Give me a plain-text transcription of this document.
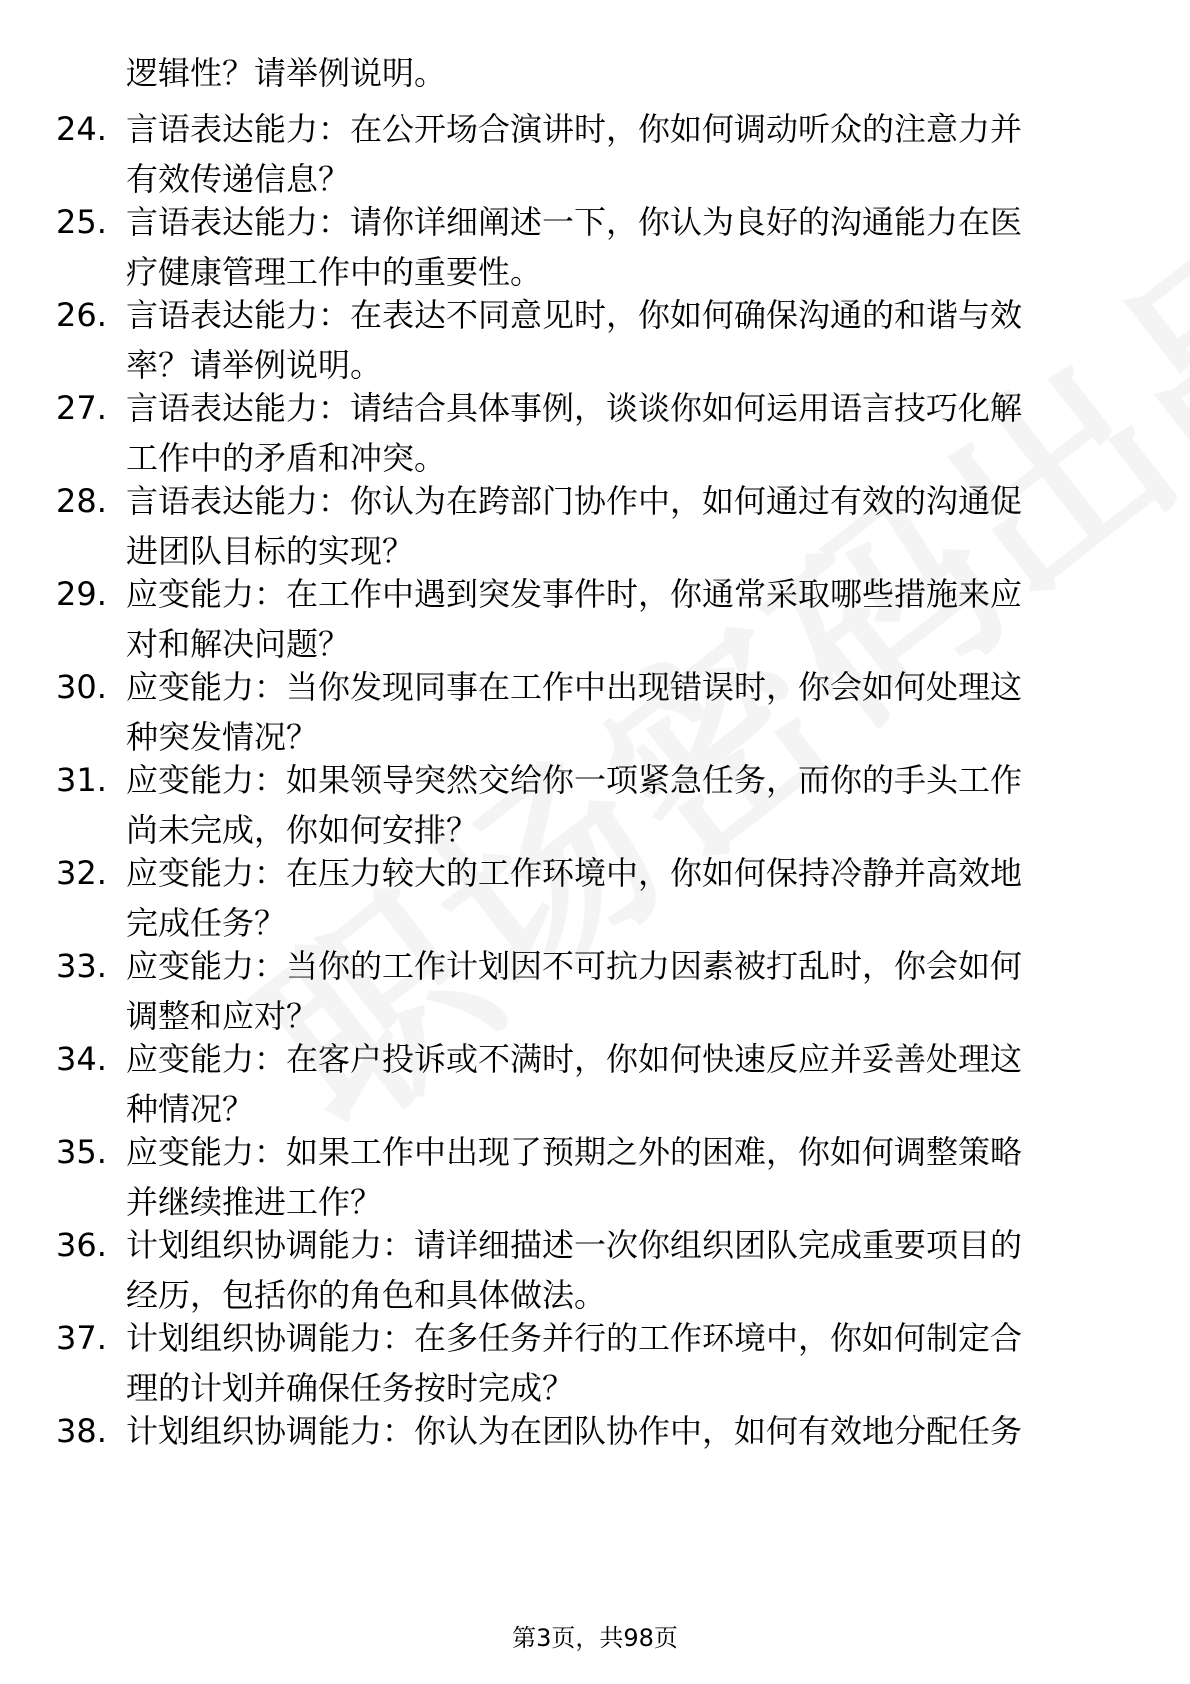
逻辑性？请举例说明。
24. 言语表达能力：在公开场合演讲时，你如何调动听众的注意力并
有效传递信息？
25. 言语表达能力：请你详细阐述一下，你认为良好的沟通能力在医
疗健康管理工作中的重要性。
26. 言语表达能力：在表达不同意见时，你如何确保沟通的和谐与效
率？请举例说明。
27. 言语表达能力：请结合具体事例，谈谈你如何运用语言技巧化解
工作中的矛盾和冲突。
28. 言语表达能力：你认为在跨部门协作中，如何通过有效的沟通促
进团队目标的实现？
29. 应变能力：在工作中遇到突发事件时，你通常采取哪些措施来应
对和解决问题？
30. 应变能力：当你发现同事在工作中出现错误时，你会如何处理这
种突发情况？
31. 应变能力：如果领导突然交给你一项紧急任务，而你的手头工作
尚未完成，你如何安排？
32. 应变能力：在压力较大的工作环境中，你如何保持冷静并高效地
完成任务？
33. 应变能力：当你的工作计划因不可抗力因素被打乱时，你会如何
调整和应对？
34. 应变能力：在客户投诉或不满时，你如何快速反应并妥善处理这
种情况？
35. 应变能力：如果工作中出现了预期之外的困难，你如何调整策略
并继续推进工作？
36. 计划组织协调能力：请详细描述一次你组织团队完成重要项目的
经历，包括你的角色和具体做法。
37. 计划组织协调能力：在多任务并行的工作环境中，你如何制定合
理的计划并确保任务按时完成？
38. 计划组织协调能力：你认为在团队协作中，如何有效地分配任务
第3页，共98页
